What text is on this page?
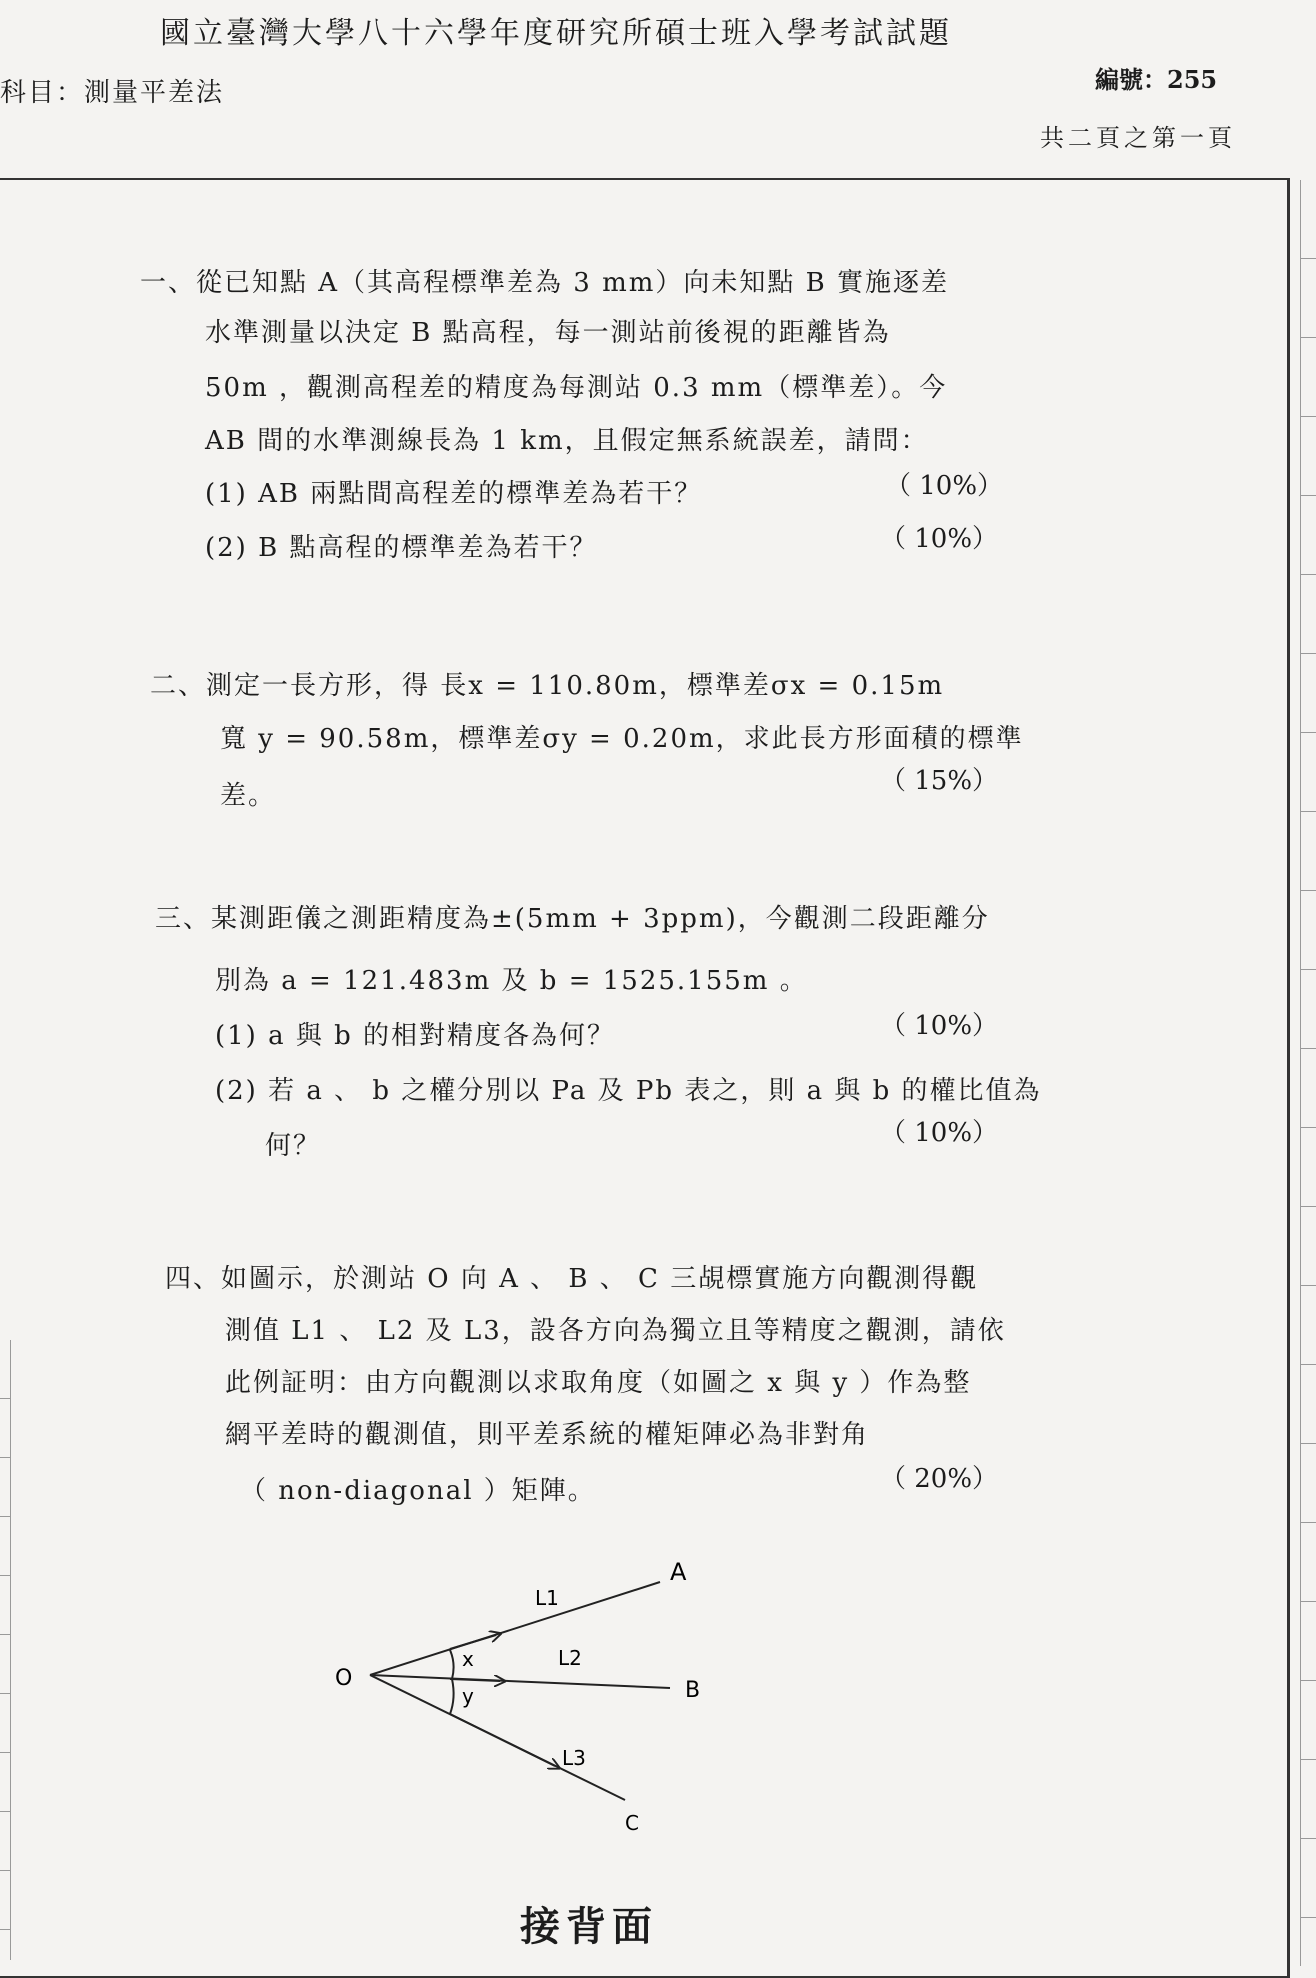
國立臺灣大學八十六學年度研究所碩士班入學考試試題
科目：測量平差法	編號：255
共二頁之第一頁
一、從已知點 A（其高程標準差為 3 mm）向未知點 B 實施逐差
水準測量以決定 B 點高程，每一測站前後視的距離皆為
50m ，觀測高程差的精度為每測站 0.3 mm（標準差）。今
AB 間的水準測線長為 1 km，且假定無系統誤差，請問：
(1) AB 兩點間高程差的標準差為若干？
(2) B 點高程的標準差為若干？
（ 10%）
（ 10%）
二、測定一長方形，得 長x = 110.80m，標準差σx = 0.15m
寬 y = 90.58m，標準差σy = 0.20m，求此長方形面積的標準
差。	（ 15%）
三、某測距儀之測距精度為±(5mm + 3ppm)，今觀測二段距離分
別為 a = 121.483m 及 b = 1525.155m 。
(1) a 與 b 的相對精度各為何？
(2) 若 a 、 b 之權分別以 Pa 及 Pb 表之，則 a 與 b 的權比值為
何？
（ 10%）
（ 10%）
四、如圖示，於測站 O 向 A 、 B 、 C 三覘標實施方向觀測得觀
測值 L1 、 L2 及 L3，設各方向為獨立且等精度之觀測，請依
此例証明：由方向觀測以求取角度（如圖之 x 與 y ）作為整
網平差時的觀測值，則平差系統的權矩陣必為非對角
（ non-diagonal ）矩陣。	（ 20%）
O
A
B
C
L1
L2
L3
x
y
接背面
